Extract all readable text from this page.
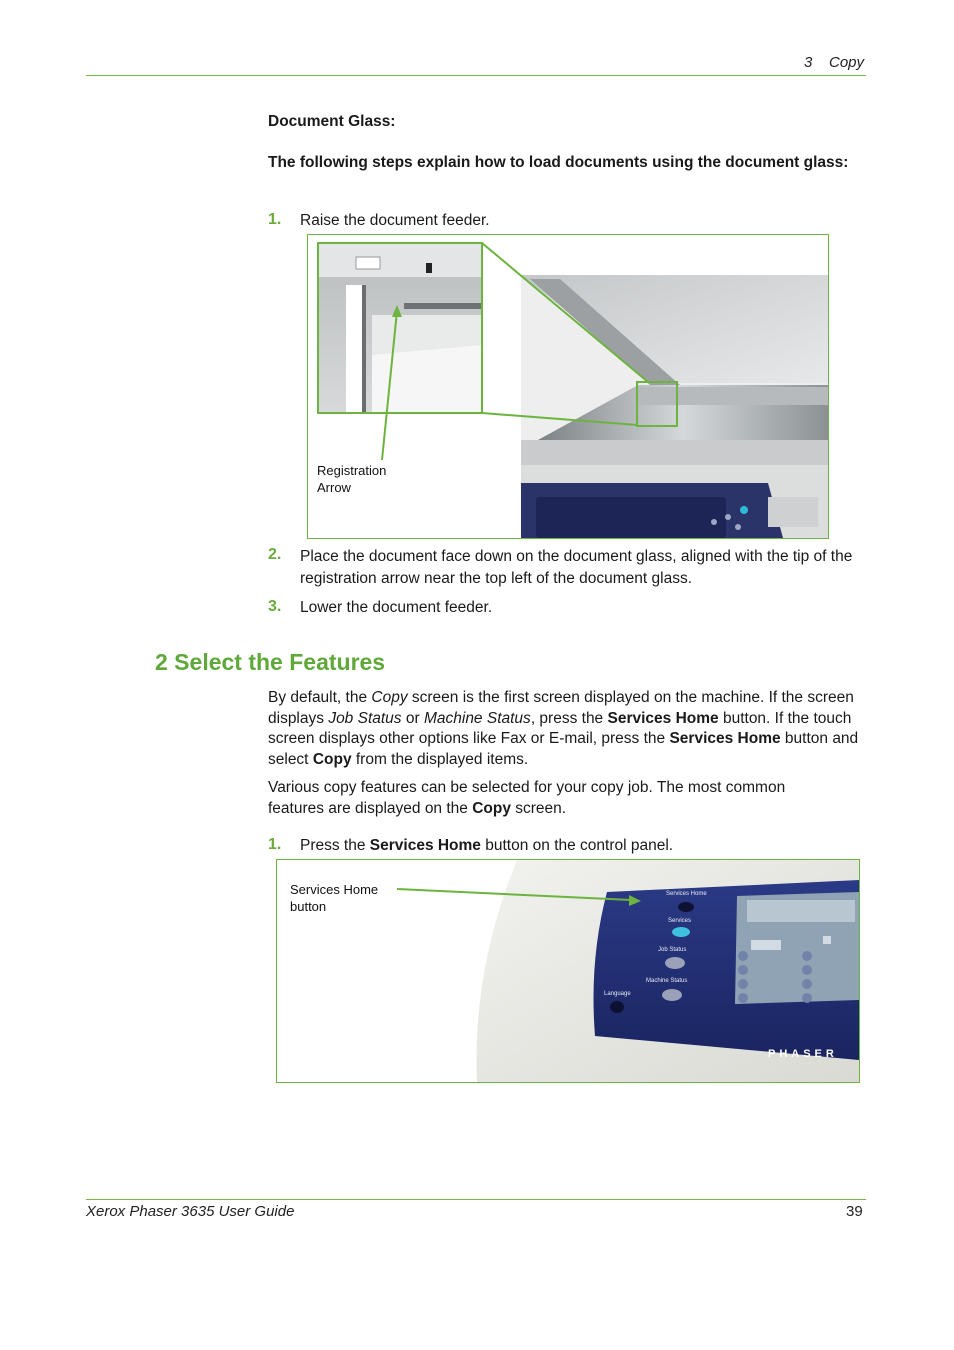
3 Copy
Document Glass:
The following steps explain how to load documents using the document glass:
1. Raise the document feeder.
Registration Arrow
2. Place the document face down on the document glass, aligned with the tip of the registration arrow near the top left of the document glass.
3. Lower the document feeder.
2 Select the Features
By default, the Copy screen is the first screen displayed on the machine. If the screen displays Job Status or Machine Status, press the Services Home button. If the touch screen displays other options like Fax or E-mail, press the Services Home button and select Copy from the displayed items.
Various copy features can be selected for your copy job. The most common features are displayed on the Copy screen.
1. Press the Services Home button on the control panel.
Services Home button
Services Home
Services
Job Status
Machine Status
Language
PHASER
Xerox Phaser 3635 User Guide	39
